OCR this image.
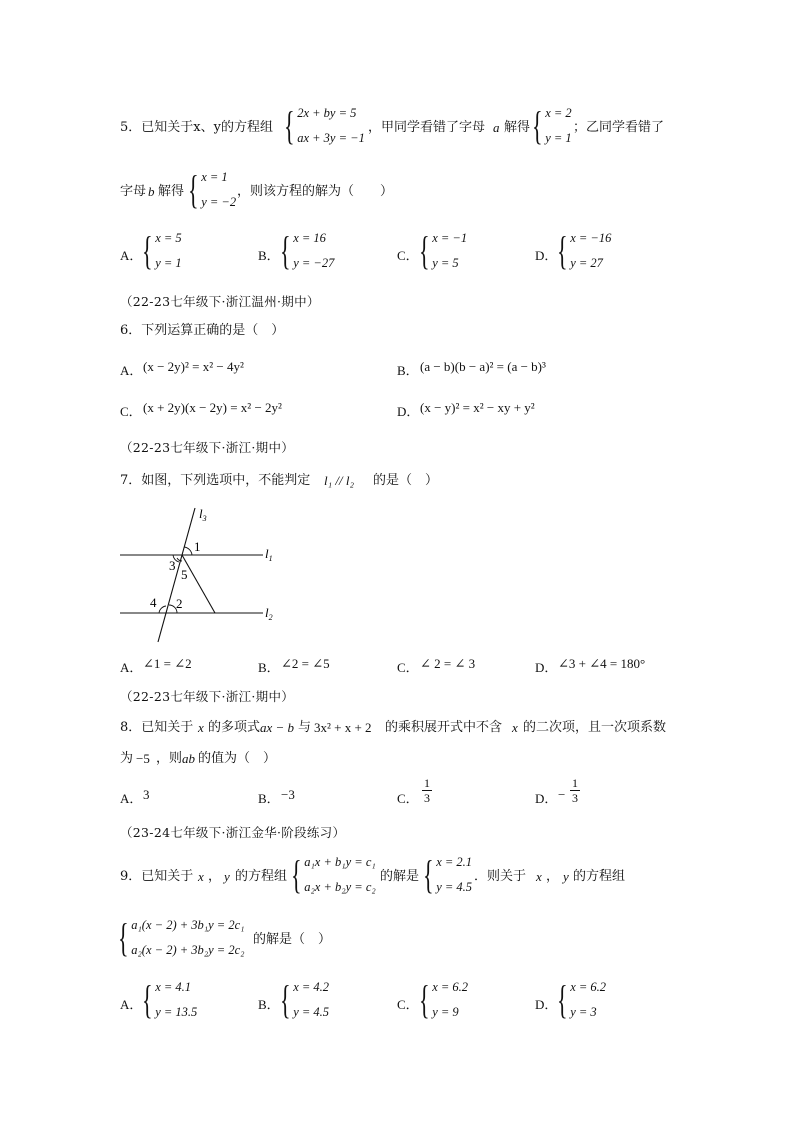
5．已知关于x、y的方程组 { 2x + by = 5
ax + 3y = −1
，甲同学看错了字母 a 解得 { x = 2
y = 1
；乙同学看错了
字母 b 解得 { x = 1
y = −2
，则该方程的解为（　　）
A． { x = 5
y = 1	B． { x = 16
y = −27	C． { x = −1
y = 5	D． { x = −16
y = 27
（22-23七年级下·浙江温州·期中）
6．下列运算正确的是（　）
A． (x − 2y)² = x² − 4y²	B． (a − b)(b − a)² = (a − b)³
C． (x + 2y)(x − 2y) = x² − 2y²	D． (x − y)² = x² − xy + y²
（22-23七年级下·浙江·期中）
7．如图，下列选项中，不能判定 l₁ // l₂ 的是（　）
$l_3$
$l_1$
$l_2$
1
2
3
4
5
A． ∠1 = ∠2	B． ∠2 = ∠5	C． ∠ 2 = ∠ 3	D． ∠3 + ∠4 = 180°
（22-23七年级下·浙江·期中）
8．已知关于 x 的多项式 ax − b 与 3x² + x + 2 的乘积展开式中不含 x 的二次项，且一次项系数
为 −5 ，则 ab 的值为（　）
A． 3	B． −3	C． $\frac{1}{3}$	D． − $\frac{1}{3}$
（23-24七年级下·浙江金华·阶段练习）
9．已知关于 x ， y 的方程组 { a₁x + b₁y = c₁
a₂x + b₂y = c₂
的解是 { x = 2.1
y = 4.5
．则关于 x ， y 的方程组
{ a₁(x − 2) + 3b₁y = 2c₁
a₂(x − 2) + 3b₂y = 2c₂
的解是（　）
A． { x = 4.1
y = 13.5	B． { x = 4.2
y = 4.5	C． { x = 6.2
y = 9	D． { x = 6.2
y = 3
